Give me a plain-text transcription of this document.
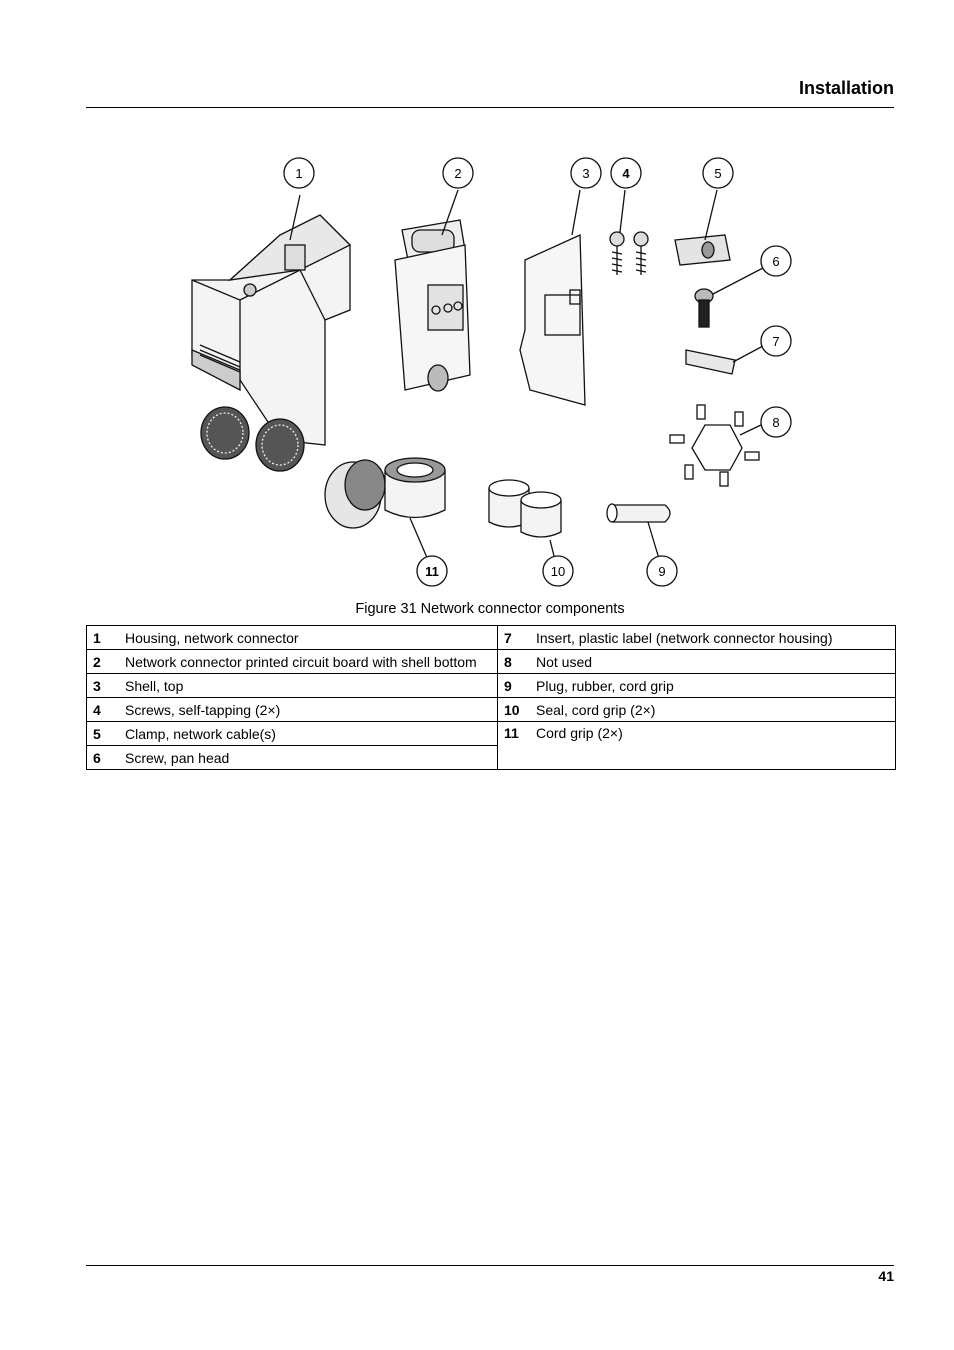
Installation
1	2	3	4	5
6
7
8
9
10
11
Figure 31 Network connector components
1	Housing, network connector	7	Insert, plastic label (network connector housing)
2	Network connector printed circuit board with shell bottom	8	Not used
3	Shell, top	9	Plug, rubber, cord grip
4	Screws, self-tapping (2×)	10	Seal, cord grip (2×)
5	Clamp, network cable(s)	11	Cord grip (2×)
6	Screw, pan head		
41
